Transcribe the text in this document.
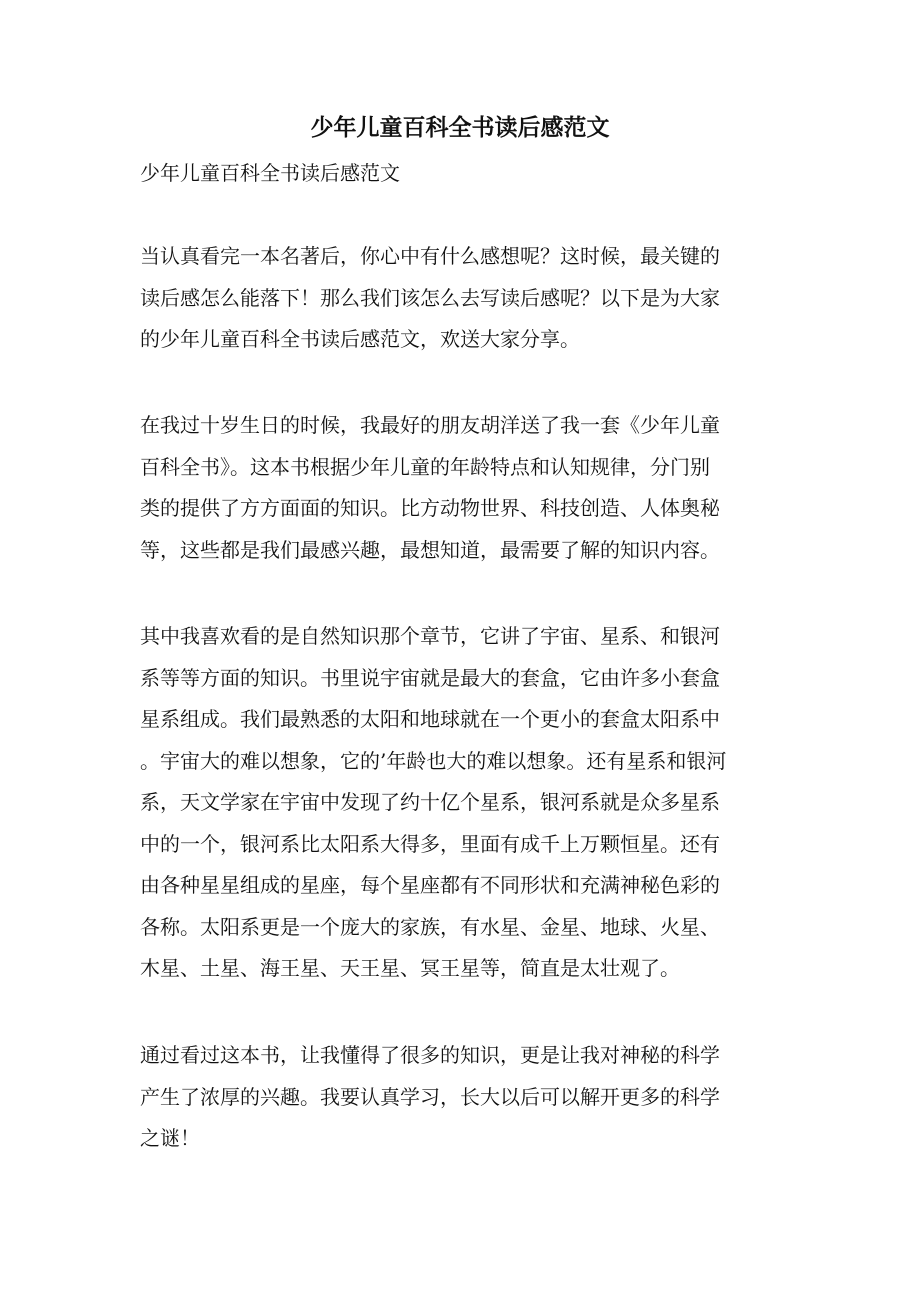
少年儿童百科全书读后感范文

少年儿童百科全书读后感范文

当认真看完一本名著后，你心中有什么感想呢？这时候，最关键的
读后感怎么能落下！那么我们该怎么去写读后感呢？以下是为大家
的少年儿童百科全书读后感范文，欢送大家分享。
在我过十岁生日的时候，我最好的朋友胡洋送了我一套《少年儿童
百科全书》。这本书根据少年儿童的年龄特点和认知规律，分门别
类的提供了方方面面的知识。比方动物世界、科技创造、人体奥秘
等，这些都是我们最感兴趣，最想知道，最需要了解的知识内容。
其中我喜欢看的是自然知识那个章节，它讲了宇宙、星系、和银河
系等等方面的知识。书里说宇宙就是最大的套盒，它由许多小套盒
星系组成。我们最熟悉的太阳和地球就在一个更小的套盒太阳系中
。宇宙大的难以想象，它的’年龄也大的难以想象。还有星系和银河
系，天文学家在宇宙中发现了约十亿个星系，银河系就是众多星系
中的一个，银河系比太阳系大得多，里面有成千上万颗恒星。还有
由各种星星组成的星座，每个星座都有不同形状和充满神秘色彩的
各称。太阳系更是一个庞大的家族，有水星、金星、地球、火星、
木星、土星、海王星、天王星、冥王星等，简直是太壮观了。
通过看过这本书，让我懂得了很多的知识，更是让我对神秘的科学
产生了浓厚的兴趣。我要认真学习，长大以后可以解开更多的科学
之谜！
